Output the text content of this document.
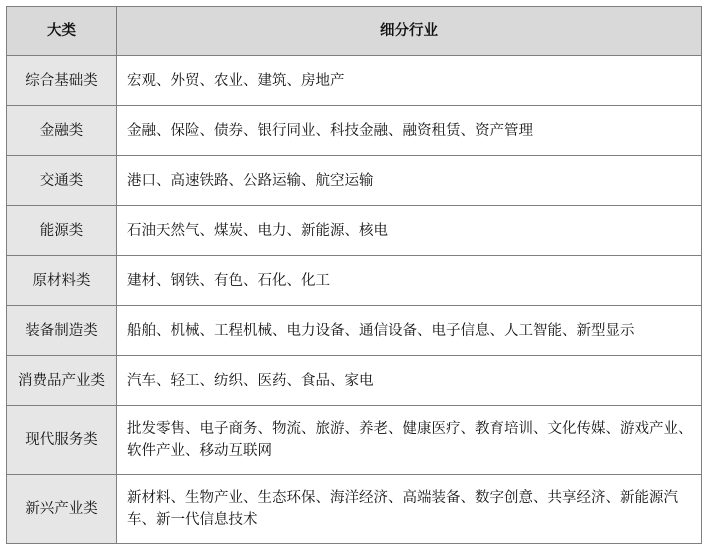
大类	细分行业
综合基础类	宏观、外贸、农业、建筑、房地产
金融类	金融、保险、债券、银行同业、科技金融、融资租赁、资产管理
交通类	港口、高速铁路、公路运输、航空运输
能源类	石油天然气、煤炭、电力、新能源、核电
原材料类	建材、钢铁、有色、石化、化工
装备制造类	船舶、机械、工程机械、电力设备、通信设备、电子信息、人工智能、新型显示
消费品产业类	汽车、轻工、纺织、医药、食品、家电
现代服务类	批发零售、电子商务、物流、旅游、养老、健康医疗、教育培训、文化传媒、游戏产业、软件产业、移动互联网
新兴产业类	新材料、生物产业、生态环保、海洋经济、高端装备、数字创意、共享经济、新能源汽车、新一代信息技术
